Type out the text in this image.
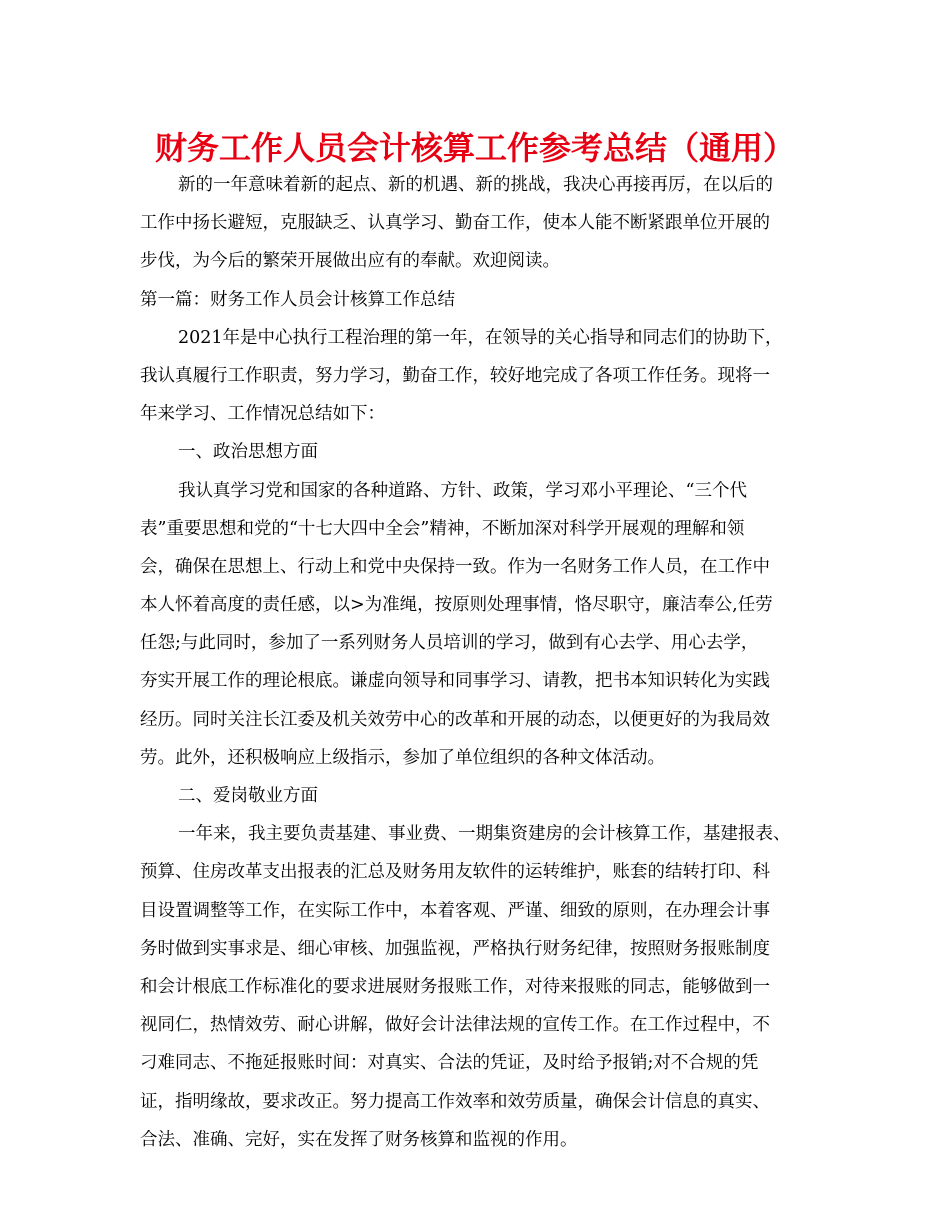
财务工作人员会计核算工作参考总结（通用）
新的一年意味着新的起点、新的机遇、新的挑战，我决心再接再厉，在以后的
工作中扬长避短，克服缺乏、认真学习、勤奋工作，使本人能不断紧跟单位开展的
步伐，为今后的繁荣开展做出应有的奉献。欢迎阅读。
第一篇：财务工作人员会计核算工作总结
2021年是中心执行工程治理的第一年，在领导的关心指导和同志们的协助下，
我认真履行工作职责，努力学习，勤奋工作，较好地完成了各项工作任务。现将一
年来学习、工作情况总结如下：
一、政治思想方面
我认真学习党和国家的各种道路、方针、政策，学习邓小平理论、“三个代
表”重要思想和党的“十七大四中全会”精神，不断加深对科学开展观的理解和领
会，确保在思想上、行动上和党中央保持一致。作为一名财务工作人员，在工作中
本人怀着高度的责任感，以>为准绳，按原则处理事情，恪尽职守，廉洁奉公,任劳
任怨;与此同时，参加了一系列财务人员培训的学习，做到有心去学、用心去学，
夯实开展工作的理论根底。谦虚向领导和同事学习、请教，把书本知识转化为实践
经历。同时关注长江委及机关效劳中心的改革和开展的动态，以便更好的为我局效
劳。此外，还积极响应上级指示，参加了单位组织的各种文体活动。
二、爱岗敬业方面
一年来，我主要负责基建、事业费、一期集资建房的会计核算工作，基建报表、
预算、住房改革支出报表的汇总及财务用友软件的运转维护，账套的结转打印、科
目设置调整等工作，在实际工作中，本着客观、严谨、细致的原则，在办理会计事
务时做到实事求是、细心审核、加强监视，严格执行财务纪律，按照财务报账制度
和会计根底工作标准化的要求进展财务报账工作，对待来报账的同志，能够做到一
视同仁，热情效劳、耐心讲解，做好会计法律法规的宣传工作。在工作过程中，不
刁难同志、不拖延报账时间：对真实、合法的凭证，及时给予报销;对不合规的凭
证，指明缘故，要求改正。努力提高工作效率和效劳质量，确保会计信息的真实、
合法、准确、完好，实在发挥了财务核算和监视的作用。
